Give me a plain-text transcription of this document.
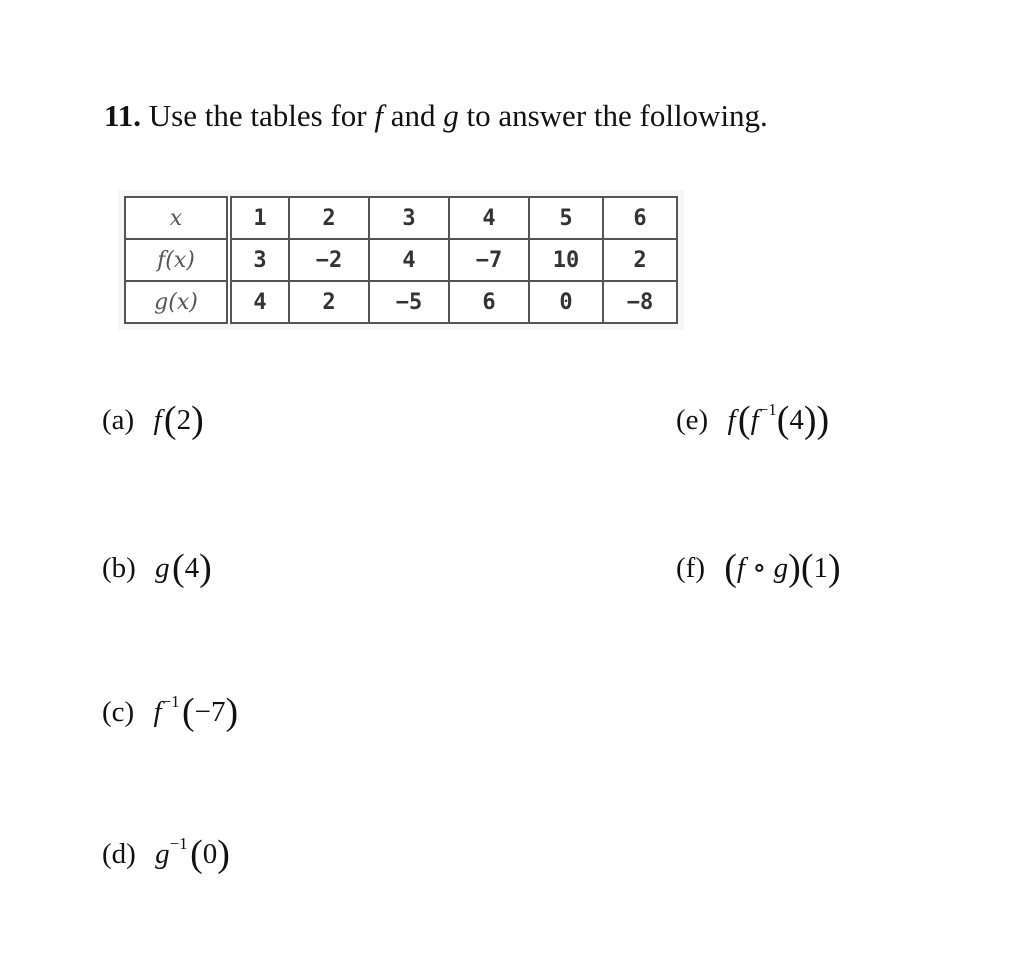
11. Use the tables for f and g to answer the following.
x	1	2	3	4	5	6
f(x)	3	−2	4	−7	10	2
g(x)	4	2	−5	6	0	−8
(a) f (2)
(b) g (4)
(c) $f^{-1}$ (−7)
(d) $g^{-1}$ (0)
(e) f $(f^{-1}(4))$
(f) (f ∘ g)(1)
